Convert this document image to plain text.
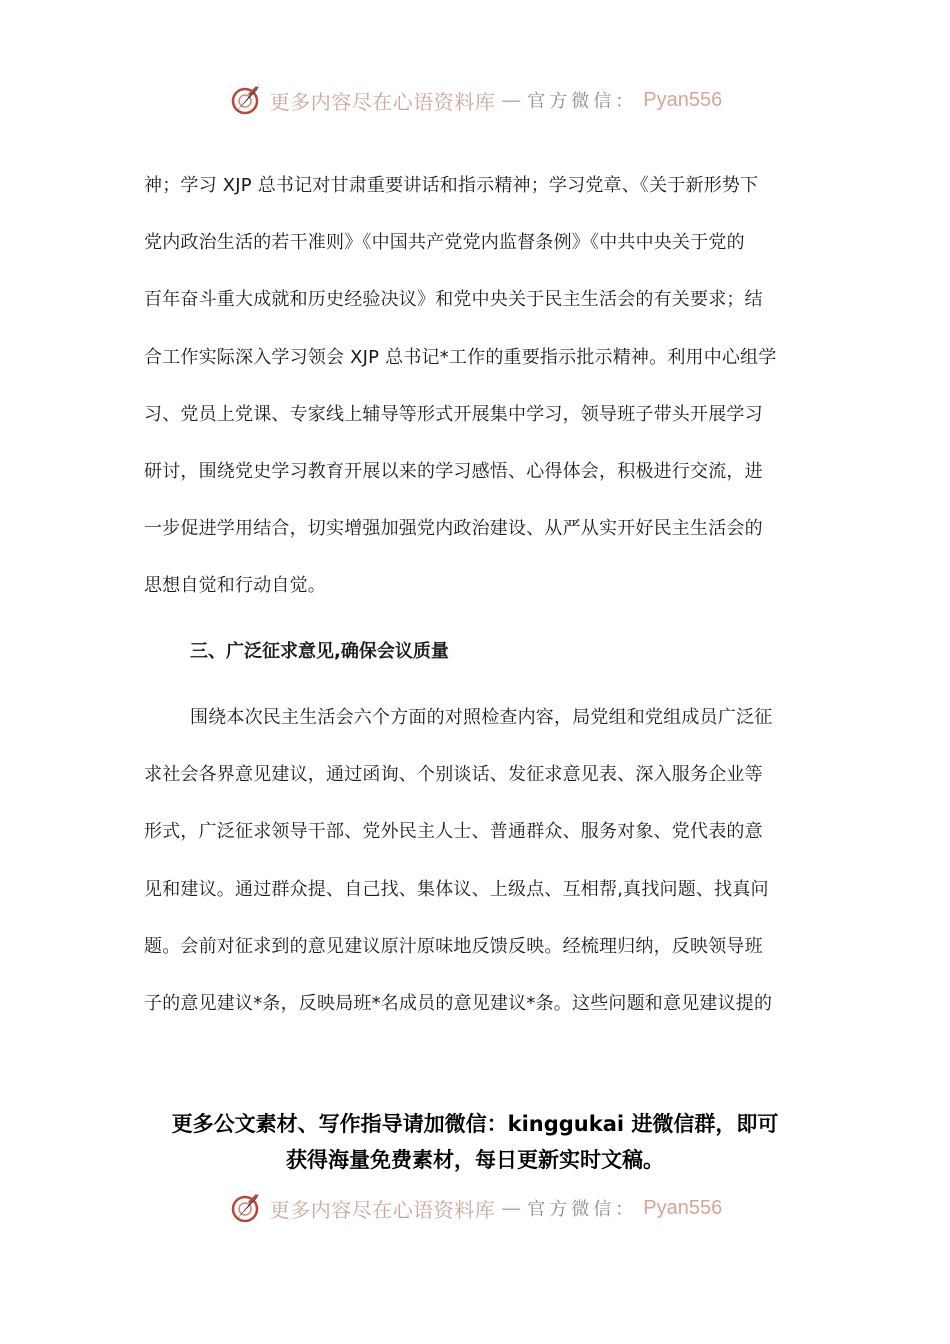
更多内容尽在心语资料库 — 官方微信： Pyan556
神；学习 XJP 总书记对甘肃重要讲话和指示精神；学习党章、《关于新形势下
党内政治生活的若干准则》《中国共产党党内监督条例》《中共中央关于党的
百年奋斗重大成就和历史经验决议》和党中央关于民主生活会的有关要求；结
合工作实际深入学习领会 XJP 总书记*工作的重要指示批示精神。利用中心组学
习、党员上党课、专家线上辅导等形式开展集中学习，领导班子带头开展学习
研讨，围绕党史学习教育开展以来的学习感悟、心得体会，积极进行交流，进
一步促进学用结合，切实增强加强党内政治建设、从严从实开好民主生活会的
思想自觉和行动自觉。
三、广泛征求意见,确保会议质量
围绕本次民主生活会六个方面的对照检查内容，局党组和党组成员广泛征
求社会各界意见建议，通过函询、个别谈话、发征求意见表、深入服务企业等
形式，广泛征求领导干部、党外民主人士、普通群众、服务对象、党代表的意
见和建议。通过群众提、自己找、集体议、上级点、互相帮,真找问题、找真问
题。会前对征求到的意见建议原汁原味地反馈反映。经梳理归纳，反映领导班
子的意见建议*条，反映局班*名成员的意见建议*条。这些问题和意见建议提的
更多公文素材、写作指导请加微信：kinggukai 进微信群，即可
获得海量免费素材，每日更新实时文稿。
更多内容尽在心语资料库 — 官方微信： Pyan556
